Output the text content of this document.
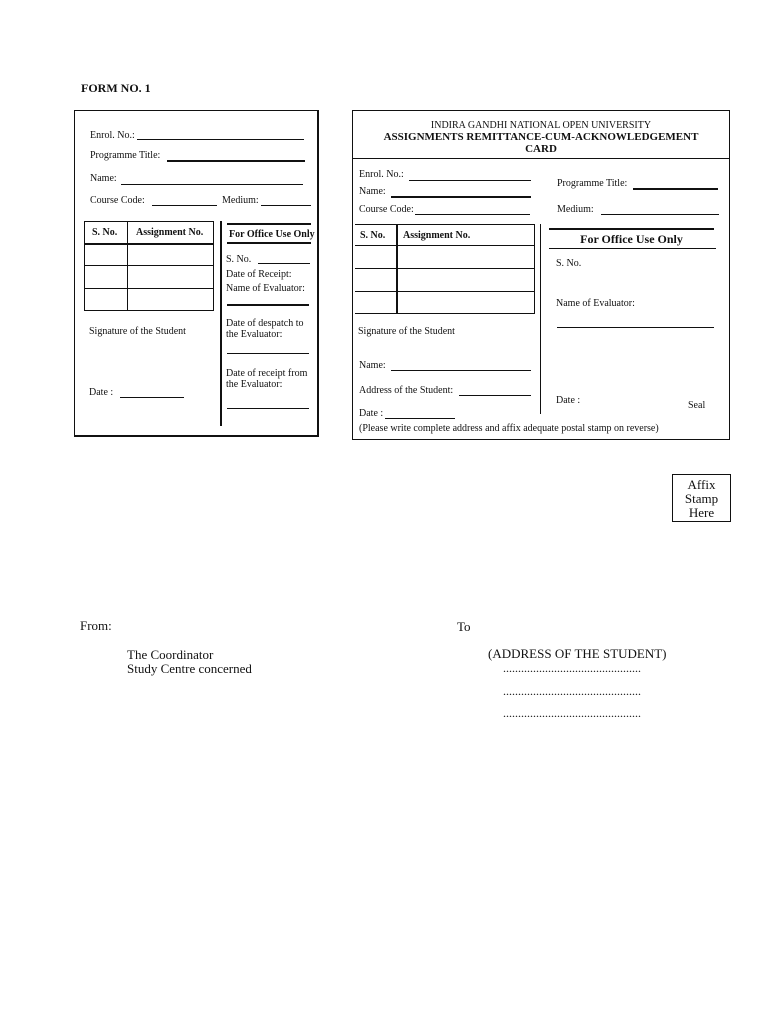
FORM NO. 1
Enrol. No.:
Programme Title:
Name:
Course Code:	Medium:
S. No. Assignment No.	For Office Use Only
S. No.
Date of Receipt:
Name of Evaluator:
Date of despatch to
the Evaluator:
Date of receipt from
the Evaluator:
Signature of the Student
Date :
INDIRA GANDHI NATIONAL OPEN UNIVERSITY
ASSIGNMENTS REMITTANCE-CUM-ACKNOWLEDGEMENT
CARD
Enrol. No.:
Name:
Course Code:
Programme Title:
Medium:
S. No. Assignment No.	For Office Use Only
S. No.
Name of Evaluator:
Date :	Seal
Signature of the Student
Name:
Address of the Student:
Date :
(Please write complete address and affix adequate postal stamp on reverse)
Affix
Stamp
Here
From:
The Coordinator
Study Centre concerned
To
(ADDRESS OF THE STUDENT)
..............................................
..............................................
..............................................
